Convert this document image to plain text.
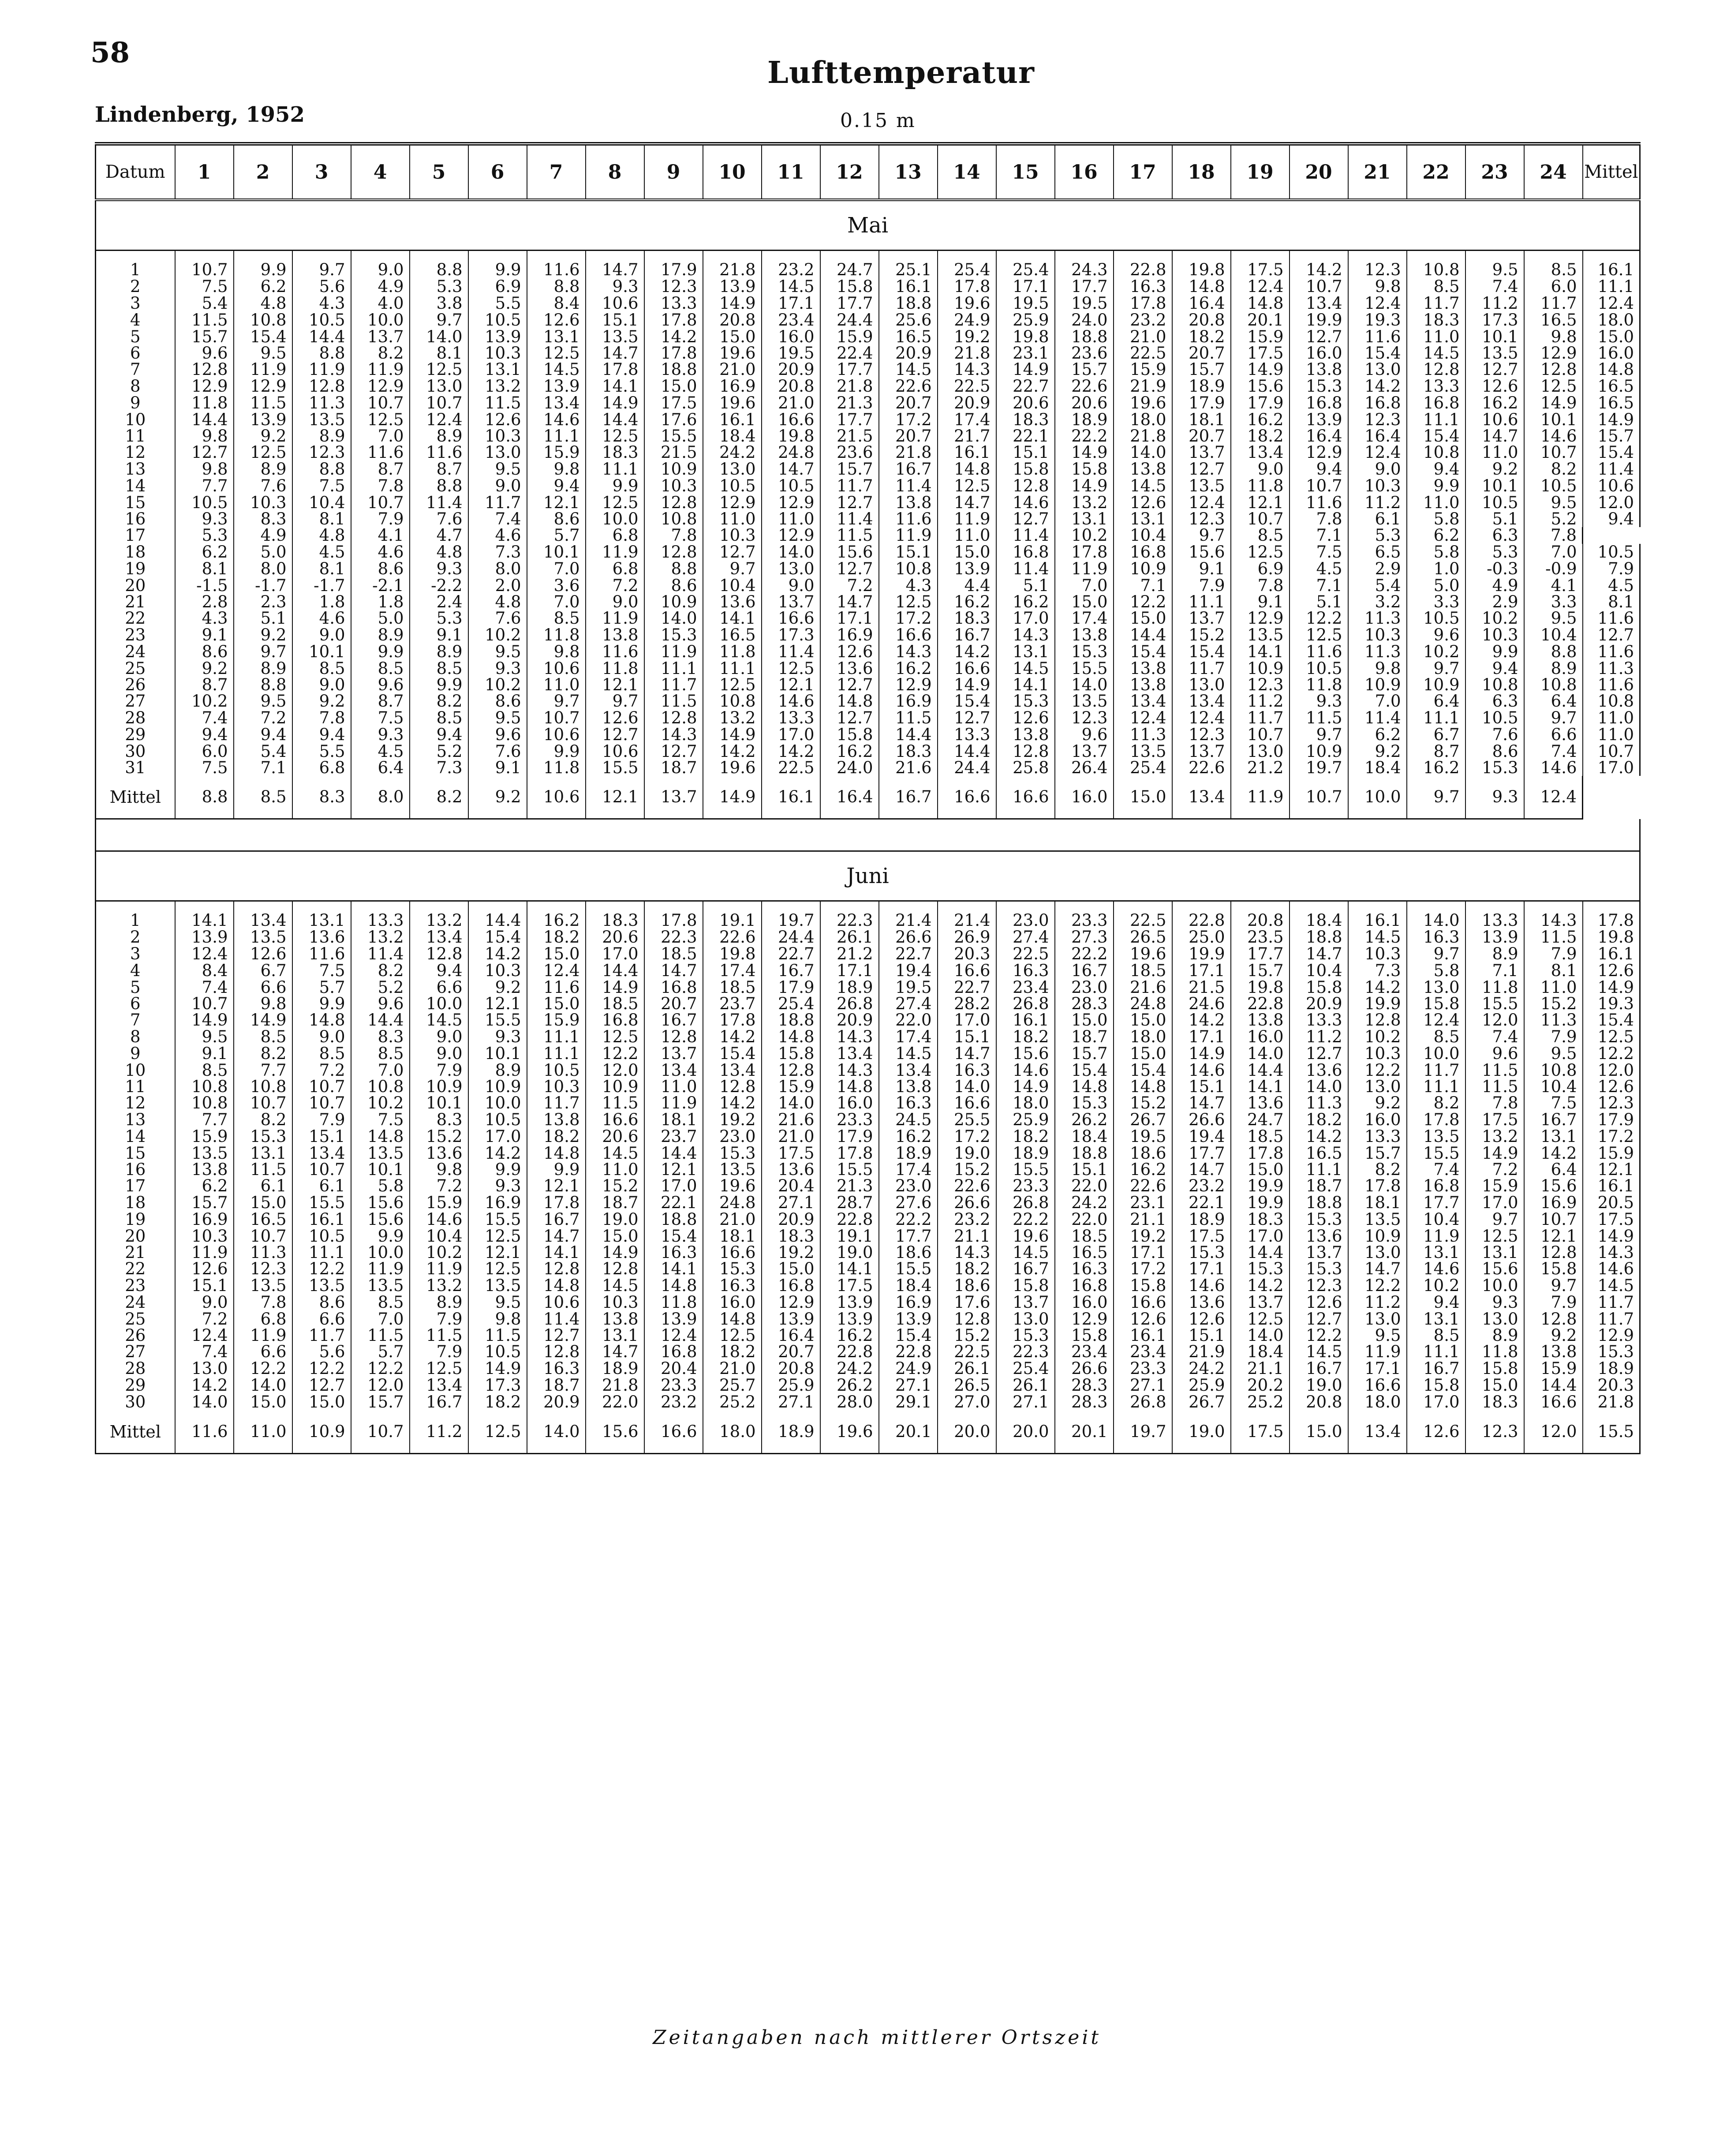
58
Lufttemperatur
Lindenberg, 1952	0.15 m
Datum	1	2	3	4	5	6	7	8	9	10	11	12	13	14	15	16	17	18	19	20	21	22	23	24	Mittel
Mai																									
1	10.7	9.9	9.7	9.0	8.8	9.9	11.6	14.7	17.9	21.8	23.2	24.7	25.1	25.4	25.4	24.3	22.8	19.8	17.5	14.2	12.3	10.8	9.5	8.5	16.1
2	7.5	6.2	5.6	4.9	5.3	6.9	8.8	9.3	12.3	13.9	14.5	15.8	16.1	17.8	17.1	17.7	16.3	14.8	12.4	10.7	9.8	8.5	7.4	6.0	11.1
3	5.4	4.8	4.3	4.0	3.8	5.5	8.4	10.6	13.3	14.9	17.1	17.7	18.8	19.6	19.5	19.5	17.8	16.4	14.8	13.4	12.4	11.7	11.2	11.7	12.4
4	11.5	10.8	10.5	10.0	9.7	10.5	12.6	15.1	17.8	20.8	23.4	24.4	25.6	24.9	25.9	24.0	23.2	20.8	20.1	19.9	19.3	18.3	17.3	16.5	18.0
5	15.7	15.4	14.4	13.7	14.0	13.9	13.1	13.5	14.2	15.0	16.0	15.9	16.5	19.2	19.8	18.8	21.0	18.2	15.9	12.7	11.6	11.0	10.1	9.8	15.0
6	9.6	9.5	8.8	8.2	8.1	10.3	12.5	14.7	17.8	19.6	19.5	22.4	20.9	21.8	23.1	23.6	22.5	20.7	17.5	16.0	15.4	14.5	13.5	12.9	16.0
7	12.8	11.9	11.9	11.9	12.5	13.1	14.5	17.8	18.8	21.0	20.9	17.7	14.5	14.3	14.9	15.7	15.9	15.7	14.9	13.8	13.0	12.8	12.7	12.8	14.8
8	12.9	12.9	12.8	12.9	13.0	13.2	13.9	14.1	15.0	16.9	20.8	21.8	22.6	22.5	22.7	22.6	21.9	18.9	15.6	15.3	14.2	13.3	12.6	12.5	16.5
9	11.8	11.5	11.3	10.7	10.7	11.5	13.4	14.9	17.5	19.6	21.0	21.3	20.7	20.9	20.6	20.6	19.6	17.9	17.9	16.8	16.8	16.8	16.2	14.9	16.5
10	14.4	13.9	13.5	12.5	12.4	12.6	14.6	14.4	17.6	16.1	16.6	17.7	17.2	17.4	18.3	18.9	18.0	18.1	16.2	13.9	12.3	11.1	10.6	10.1	14.9
11	9.8	9.2	8.9	7.0	8.9	10.3	11.1	12.5	15.5	18.4	19.8	21.5	20.7	21.7	22.1	22.2	21.8	20.7	18.2	16.4	16.4	15.4	14.7	14.6	15.7
12	12.7	12.5	12.3	11.6	11.6	13.0	15.9	18.3	21.5	24.2	24.8	23.6	21.8	16.1	15.1	14.9	14.0	13.7	13.4	12.9	12.4	10.8	11.0	10.7	15.4
13	9.8	8.9	8.8	8.7	8.7	9.5	9.8	11.1	10.9	13.0	14.7	15.7	16.7	14.8	15.8	15.8	13.8	12.7	9.0	9.4	9.0	9.4	9.2	8.2	11.4
14	7.7	7.6	7.5	7.8	8.8	9.0	9.4	9.9	10.3	10.5	10.5	11.7	11.4	12.5	12.8	14.9	14.5	13.5	11.8	10.7	10.3	9.9	10.1	10.5	10.6
15	10.5	10.3	10.4	10.7	11.4	11.7	12.1	12.5	12.8	12.9	12.9	12.7	13.8	14.7	14.6	13.2	12.6	12.4	12.1	11.6	11.2	11.0	10.5	9.5	12.0
16	9.3	8.3	8.1	7.9	7.6	7.4	8.6	10.0	10.8	11.0	11.0	11.4	11.6	11.9	12.7	13.1	13.1	12.3	10.7	7.8	6.1	5.8	5.1	5.2	9.4
17	5.3	4.9	4.8	4.1	4.7	4.6	5.7	6.8	7.8	10.3	12.9	11.5	11.9	11.0	11.4	10.2	10.4	9.7	8.5	7.1	5.3	6.2	6.3	7.8	
18	6.2	5.0	4.5	4.6	4.8	7.3	10.1	11.9	12.8	12.7	14.0	15.6	15.1	15.0	16.8	17.8	16.8	15.6	12.5	7.5	6.5	5.8	5.3	7.0	10.5
19	8.1	8.0	8.1	8.6	9.3	8.0	7.0	6.8	8.8	9.7	13.0	12.7	10.8	13.9	11.4	11.9	10.9	9.1	6.9	4.5	2.9	1.0	-0.3	-0.9	7.9
20	-1.5	-1.7	-1.7	-2.1	-2.2	2.0	3.6	7.2	8.6	10.4	9.0	7.2	4.3	4.4	5.1	7.0	7.1	7.9	7.8	7.1	5.4	5.0	4.9	4.1	4.5
21	2.8	2.3	1.8	1.8	2.4	4.8	7.0	9.0	10.9	13.6	13.7	14.7	12.5	16.2	16.2	15.0	12.2	11.1	9.1	5.1	3.2	3.3	2.9	3.3	8.1
22	4.3	5.1	4.6	5.0	5.3	7.6	8.5	11.9	14.0	14.1	16.6	17.1	17.2	18.3	17.0	17.4	15.0	13.7	12.9	12.2	11.3	10.5	10.2	9.5	11.6
23	9.1	9.2	9.0	8.9	9.1	10.2	11.8	13.8	15.3	16.5	17.3	16.9	16.6	16.7	14.3	13.8	14.4	15.2	13.5	12.5	10.3	9.6	10.3	10.4	12.7
24	8.6	9.7	10.1	9.9	8.9	9.5	9.8	11.6	11.9	11.8	11.4	12.6	14.3	14.2	13.1	15.3	15.4	15.4	14.1	11.6	11.3	10.2	9.9	8.8	11.6
25	9.2	8.9	8.5	8.5	8.5	9.3	10.6	11.8	11.1	11.1	12.5	13.6	16.2	16.6	14.5	15.5	13.8	11.7	10.9	10.5	9.8	9.7	9.4	8.9	11.3
26	8.7	8.8	9.0	9.6	9.9	10.2	11.0	12.1	11.7	12.5	12.1	12.7	12.9	14.9	14.1	14.0	13.8	13.0	12.3	11.8	10.9	10.9	10.8	10.8	11.6
27	10.2	9.5	9.2	8.7	8.2	8.6	9.7	9.7	11.5	10.8	14.6	14.8	16.9	15.4	15.3	13.5	13.4	13.4	11.2	9.3	7.0	6.4	6.3	6.4	10.8
28	7.4	7.2	7.8	7.5	8.5	9.5	10.7	12.6	12.8	13.2	13.3	12.7	11.5	12.7	12.6	12.3	12.4	12.4	11.7	11.5	11.4	11.1	10.5	9.7	11.0
29	9.4	9.4	9.4	9.3	9.4	9.6	10.6	12.7	14.3	14.9	17.0	15.8	14.4	13.3	13.8	9.6	11.3	12.3	10.7	9.7	6.2	6.7	7.6	6.6	11.0
30	6.0	5.4	5.5	4.5	5.2	7.6	9.9	10.6	12.7	14.2	14.2	16.2	18.3	14.4	12.8	13.7	13.5	13.7	13.0	10.9	9.2	8.7	8.6	7.4	10.7
31	7.5	7.1	6.8	6.4	7.3	9.1	11.8	15.5	18.7	19.6	22.5	24.0	21.6	24.4	25.8	26.4	25.4	22.6	21.2	19.7	18.4	16.2	15.3	14.6	17.0
Mittel	8.8	8.5	8.3	8.0	8.2	9.2	10.6	12.1	13.7	14.9	16.1	16.4	16.7	16.6	16.6	16.0	15.0	13.4	11.9	10.7	10.0	9.7	9.3	12.4	

Juni																									
1	14.1	13.4	13.1	13.3	13.2	14.4	16.2	18.3	17.8	19.1	19.7	22.3	21.4	21.4	23.0	23.3	22.5	22.8	20.8	18.4	16.1	14.0	13.3	14.3	17.8
2	13.9	13.5	13.6	13.2	13.4	15.4	18.2	20.6	22.3	22.6	24.4	26.1	26.6	26.9	27.4	27.3	26.5	25.0	23.5	18.8	14.5	16.3	13.9	11.5	19.8
3	12.4	12.6	11.6	11.4	12.8	14.2	15.0	17.0	18.5	19.8	22.7	21.2	22.7	20.3	22.5	22.2	19.6	19.9	17.7	14.7	10.3	9.7	8.9	7.9	16.1
4	8.4	6.7	7.5	8.2	9.4	10.3	12.4	14.4	14.7	17.4	16.7	17.1	19.4	16.6	16.3	16.7	18.5	17.1	15.7	10.4	7.3	5.8	7.1	8.1	12.6
5	7.4	6.6	5.7	5.2	6.6	9.2	11.6	14.9	16.8	18.5	17.9	18.9	19.5	22.7	23.4	23.0	21.6	21.5	19.8	15.8	14.2	13.0	11.8	11.0	14.9
6	10.7	9.8	9.9	9.6	10.0	12.1	15.0	18.5	20.7	23.7	25.4	26.8	27.4	28.2	26.8	28.3	24.8	24.6	22.8	20.9	19.9	15.8	15.5	15.2	19.3
7	14.9	14.9	14.8	14.4	14.5	15.5	15.9	16.8	16.7	17.8	18.8	20.9	22.0	17.0	16.1	15.0	15.0	14.2	13.8	13.3	12.8	12.4	12.0	11.3	15.4
8	9.5	8.5	9.0	8.3	9.0	9.3	11.1	12.5	12.8	14.2	14.8	14.3	17.4	15.1	18.2	18.7	18.0	17.1	16.0	11.2	10.2	8.5	7.4	7.9	12.5
9	9.1	8.2	8.5	8.5	9.0	10.1	11.1	12.2	13.7	15.4	15.8	13.4	14.5	14.7	15.6	15.7	15.0	14.9	14.0	12.7	10.3	10.0	9.6	9.5	12.2
10	8.5	7.7	7.2	7.0	7.9	8.9	10.5	12.0	13.4	13.4	12.8	14.3	13.4	16.3	14.6	15.4	15.4	14.6	14.4	13.6	12.2	11.7	11.5	10.8	12.0
11	10.8	10.8	10.7	10.8	10.9	10.9	10.3	10.9	11.0	12.8	15.9	14.8	13.8	14.0	14.9	14.8	14.8	15.1	14.1	14.0	13.0	11.1	11.5	10.4	12.6
12	10.8	10.7	10.7	10.2	10.1	10.0	11.7	11.5	11.9	14.2	14.0	16.0	16.3	16.6	18.0	15.3	15.2	14.7	13.6	11.3	9.2	8.2	7.8	7.5	12.3
13	7.7	8.2	7.9	7.5	8.3	10.5	13.8	16.6	18.1	19.2	21.6	23.3	24.5	25.5	25.9	26.2	26.7	26.6	24.7	18.2	16.0	17.8	17.5	16.7	17.9
14	15.9	15.3	15.1	14.8	15.2	17.0	18.2	20.6	23.7	23.0	21.0	17.9	16.2	17.2	18.2	18.4	19.5	19.4	18.5	14.2	13.3	13.5	13.2	13.1	17.2
15	13.5	13.1	13.4	13.5	13.6	14.2	14.8	14.5	14.4	15.3	17.5	17.8	18.9	19.0	18.9	18.8	18.6	17.7	17.8	16.5	15.7	15.5	14.9	14.2	15.9
16	13.8	11.5	10.7	10.1	9.8	9.9	9.9	11.0	12.1	13.5	13.6	15.5	17.4	15.2	15.5	15.1	16.2	14.7	15.0	11.1	8.2	7.4	7.2	6.4	12.1
17	6.2	6.1	6.1	5.8	7.2	9.3	12.1	15.2	17.0	19.6	20.4	21.3	23.0	22.6	23.3	22.0	22.6	23.2	19.9	18.7	17.8	16.8	15.9	15.6	16.1
18	15.7	15.0	15.5	15.6	15.9	16.9	17.8	18.7	22.1	24.8	27.1	28.7	27.6	26.6	26.8	24.2	23.1	22.1	19.9	18.8	18.1	17.7	17.0	16.9	20.5
19	16.9	16.5	16.1	15.6	14.6	15.5	16.7	19.0	18.8	21.0	20.9	22.8	22.2	23.2	22.2	22.0	21.1	18.9	18.3	15.3	13.5	10.4	9.7	10.7	17.5
20	10.3	10.7	10.5	9.9	10.4	12.5	14.7	15.0	15.4	18.1	18.3	19.1	17.7	21.1	19.6	18.5	19.2	17.5	17.0	13.6	10.9	11.9	12.5	12.1	14.9
21	11.9	11.3	11.1	10.0	10.2	12.1	14.1	14.9	16.3	16.6	19.2	19.0	18.6	14.3	14.5	16.5	17.1	15.3	14.4	13.7	13.0	13.1	13.1	12.8	14.3
22	12.6	12.3	12.2	11.9	11.9	12.5	12.8	12.8	14.1	15.3	15.0	14.1	15.5	18.2	16.7	16.3	17.2	17.1	15.3	15.3	14.7	14.6	15.6	15.8	14.6
23	15.1	13.5	13.5	13.5	13.2	13.5	14.8	14.5	14.8	16.3	16.8	17.5	18.4	18.6	15.8	16.8	15.8	14.6	14.2	12.3	12.2	10.2	10.0	9.7	14.5
24	9.0	7.8	8.6	8.5	8.9	9.5	10.6	10.3	11.8	16.0	12.9	13.9	16.9	17.6	13.7	16.0	16.6	13.6	13.7	12.6	11.2	9.4	9.3	7.9	11.7
25	7.2	6.8	6.6	7.0	7.9	9.8	11.4	13.8	13.9	14.8	13.9	13.9	13.9	12.8	13.0	12.9	12.6	12.6	12.5	12.7	13.0	13.1	13.0	12.8	11.7
26	12.4	11.9	11.7	11.5	11.5	11.5	12.7	13.1	12.4	12.5	16.4	16.2	15.4	15.2	15.3	15.8	16.1	15.1	14.0	12.2	9.5	8.5	8.9	9.2	12.9
27	7.4	6.6	5.6	5.7	7.9	10.5	12.8	14.7	16.8	18.2	20.7	22.8	22.8	22.5	22.3	23.4	23.4	21.9	18.4	14.5	11.9	11.1	11.8	13.8	15.3
28	13.0	12.2	12.2	12.2	12.5	14.9	16.3	18.9	20.4	21.0	20.8	24.2	24.9	26.1	25.4	26.6	23.3	24.2	21.1	16.7	17.1	16.7	15.8	15.9	18.9
29	14.2	14.0	12.7	12.0	13.4	17.3	18.7	21.8	23.3	25.7	25.9	26.2	27.1	26.5	26.1	28.3	27.1	25.9	20.2	19.0	16.6	15.8	15.0	14.4	20.3
30	14.0	15.0	15.0	15.7	16.7	18.2	20.9	22.0	23.2	25.2	27.1	28.0	29.1	27.0	27.1	28.3	26.8	26.7	25.2	20.8	18.0	17.0	18.3	16.6	21.8
Mittel	11.6	11.0	10.9	10.7	11.2	12.5	14.0	15.6	16.6	18.0	18.9	19.6	20.1	20.0	20.0	20.1	19.7	19.0	17.5	15.0	13.4	12.6	12.3	12.0	15.5
Zeitangaben nach mittlerer Ortszeit
